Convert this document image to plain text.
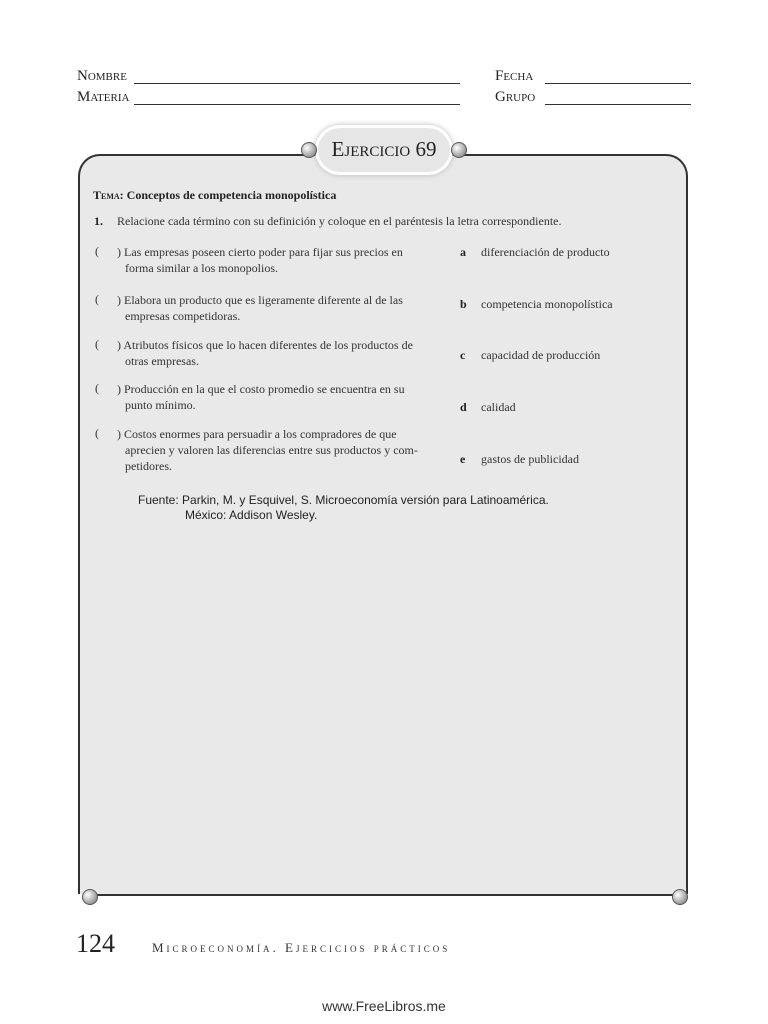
Nombre
Materia
Fecha
Grupo
Ejercicio 69
Tema: Conceptos de competencia monopolística
1. Relacione cada término con su definición y coloque en el paréntesis la letra correspondiente.
( ) Las empresas poseen cierto poder para fijar sus precios en
forma similar a los monopolios.
( ) Elabora un producto que es ligeramente diferente al de las
empresas competidoras.
( ) Atributos físicos que lo hacen diferentes de los productos de
otras empresas.
( ) Producción en la que el costo promedio se encuentra en su
punto mínimo.
( ) Costos enormes para persuadir a los compradores de que
aprecien y valoren las diferencias entre sus productos y com-
petidores.
a diferenciación de producto
b competencia monopolística
c capacidad de producción
d calidad
e gastos de publicidad
Fuente: Parkin, M. y Esquivel, S. Microeconomía versión para Latinoamérica.
México: Addison Wesley.
124	Microeconomía. Ejercicios prácticos
www.FreeLibros.me
